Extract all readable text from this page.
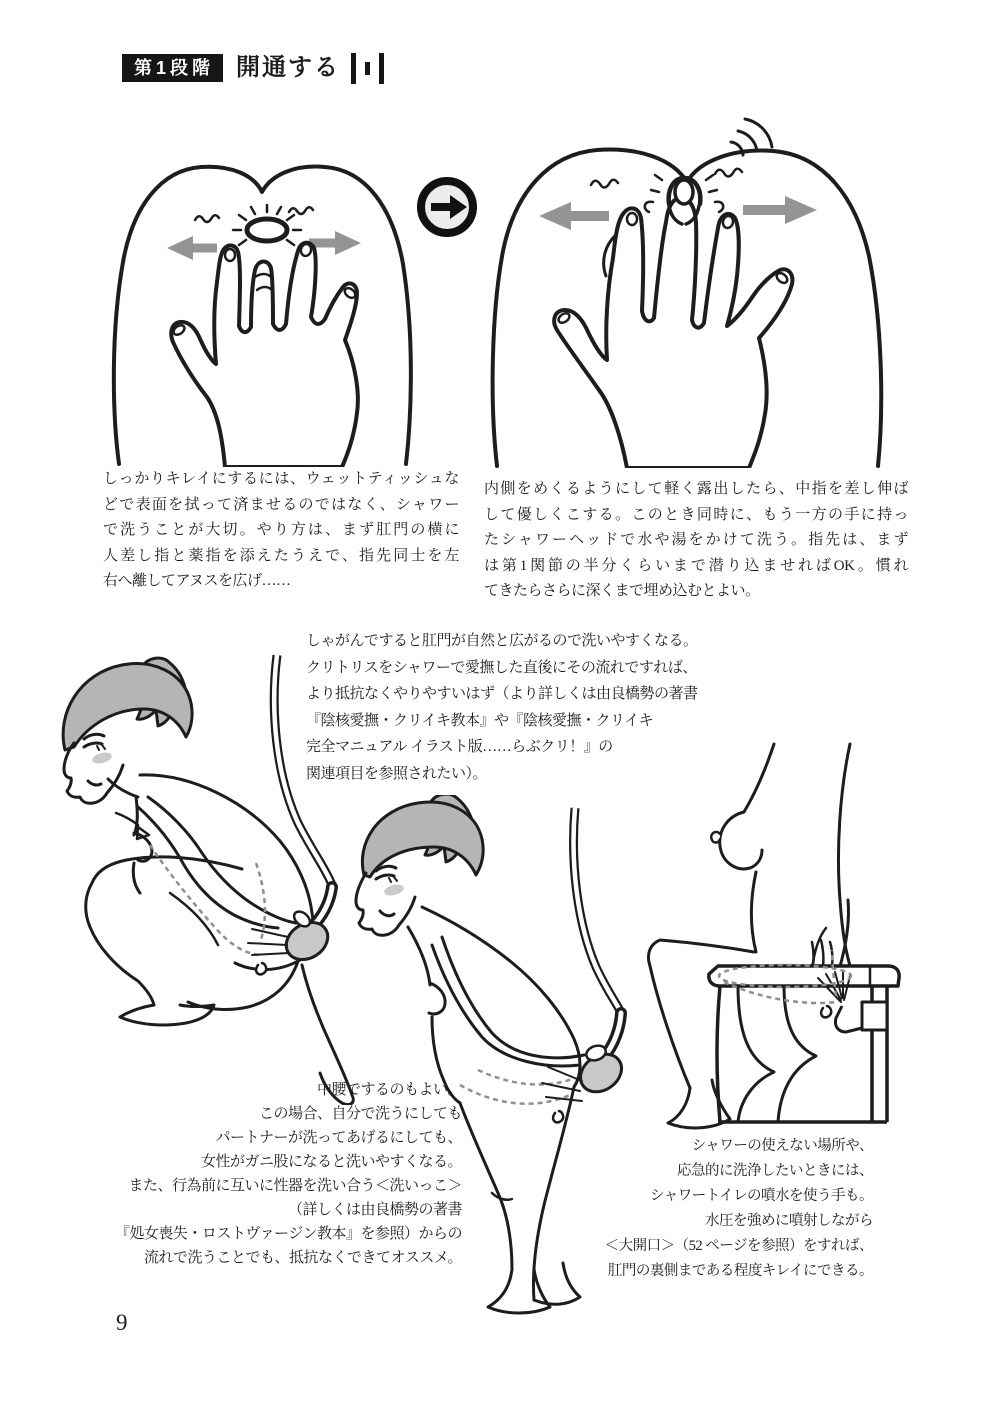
第1段階 開通する
しっかりキレイにするには、ウェットティッシュな
どで表面を拭って済ませるのではなく、シャワー
で洗うことが大切。やり方は、まず肛門の横に
人差し指と薬指を添えたうえで、指先同士を左
右へ離してアヌスを広げ……
内側をめくるようにして軽く露出したら、中指を差し伸ば
して優しくこする。このとき同時に、もう一方の手に持っ
たシャワーヘッドで水や湯をかけて洗う。指先は、まず
は第1関節の半分くらいまで潜り込ませればOK。慣れ
てきたらさらに深くまで埋め込むとよい。
しゃがんですると肛門が自然と広がるので洗いやすくなる。
クリトリスをシャワーで愛撫した直後にその流れですれば、
より抵抗なくやりやすいはず（より詳しくは由良橋勢の著書
『陰核愛撫・クリイキ教本』や『陰核愛撫・クリイキ
完全マニュアル イラスト版……らぶクリ！』の
関連項目を参照されたい）。
中腰でするのもよい。
この場合、自分で洗うにしても
パートナーが洗ってあげるにしても、
女性がガニ股になると洗いやすくなる。
また、行為前に互いに性器を洗い合う＜洗いっこ＞
（詳しくは由良橋勢の著書
『処女喪失・ロストヴァージン教本』を参照）からの
流れで洗うことでも、抵抗なくできてオススメ。
シャワーの使えない場所や、
応急的に洗浄したいときには、
シャワートイレの噴水を使う手も。
水圧を強めに噴射しながら
＜大開口＞（52 ページを参照）をすれば、
肛門の裏側まである程度キレイにできる。
9
